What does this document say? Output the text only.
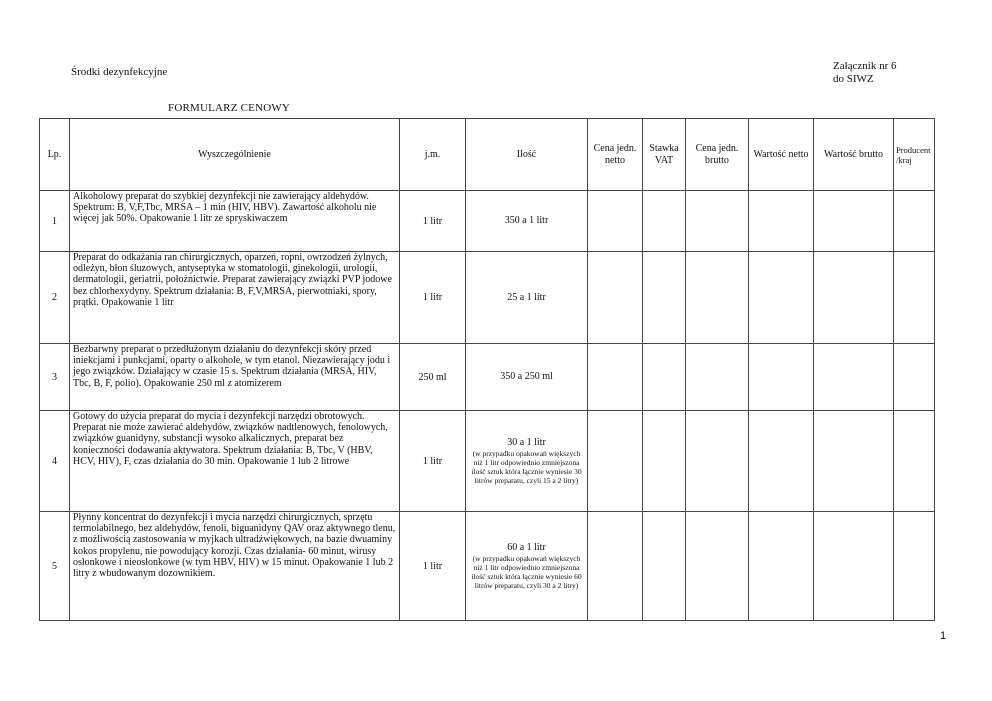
Środki dezynfekcyjne	Załącznik nr 6
do SIWZ
FORMULARZ CENOWY
Lp.	Wyszczególnienie	j.m.	Ilość	Cena jedn. netto	Stawka VAT	Cena jedn. brutto	Wartość netto	Wartość brutto	Producent /kraj
1	Alkoholowy preparat do szybkiej dezynfekcji nie zawierający aldehydów. Spektrum: B, V,F,Tbc, MRSA – 1 min (HIV, HBV). Zawartość alkoholu nie więcej jak 50%. Opakowanie 1 litr ze spryskiwaczem	1 litr	350 a 1 litr						

2	Preparat do odkażania ran chirurgicznych, oparzeń, ropni, owrzodzeń żylnych, odleżyn, błon śluzowych, antyseptyka w stomatologii, ginekologii, urologii, dermatologii, geriatrii, położnictwie. Preparat zawierający związki PVP jodowe bez chlorhexydyny. Spektrum działania: B, F,V,MRSA, pierwotniaki, spory, prątki. Opakowanie 1 litr	1 litr	25 a 1 litr						

3	Bezbarwny preparat o przedłużonym działaniu do dezynfekcji skóry przed iniekcjami i punkcjami, oparty o alkohole, w tym etanol. Niezawierający jodu i jego związków. Działający w czasie 15 s. Spektrum działania (MRSA, HIV, Tbc, B, F, polio). Opakowanie 250 ml z atomizerem	250 ml	350 a 250 ml						

4	Gotowy do użycia preparat do mycia i dezynfekcji narzędzi obrotowych. Preparat nie może zawierać aldehydów, związków nadtlenowych, fenolowych, związków guanidyny, substancji wysoko alkalicznych, preparat bez konieczności dodawania aktywatora. Spektrum działania: B, Tbc, V (HBV, HCV, HIV), F, czas działania do 30 min. Opakowanie 1 lub 2 litrowe	1 litr	30 a 1 litr
(w przypadku opakowań większych niż 1 litr odpowiednio zmniejszona ilość sztuk która łącznie wyniesie 30 litrów preparatu, czyli 15 a 2 litry)						

5	Płynny koncentrat do dezynfekcji i mycia narzędzi chirurgicznych, sprzętu termolabilnego, bez aldehydów, fenoli, biguanidyny QAV oraz aktywnego tlenu, z możliwością zastosowania w myjkach ultradźwiękowych, na bazie dwuaminy kokos propylenu, nie powodujący korozji. Czas działania- 60 minut, wirusy osłonkowe i nieosłonkowe (w tym HBV, HIV) w 15 minut. Opakowanie 1 lub 2 litry z wbudowanym dozownikiem.	1 litr	60 a 1 litr
(w przypadku opakowań większych niż 1 litr odpowiednio zmniejszona ilość sztuk która łącznie wyniesie 60 litrów preparatu, czyli 30 a 2 litry)						

1
